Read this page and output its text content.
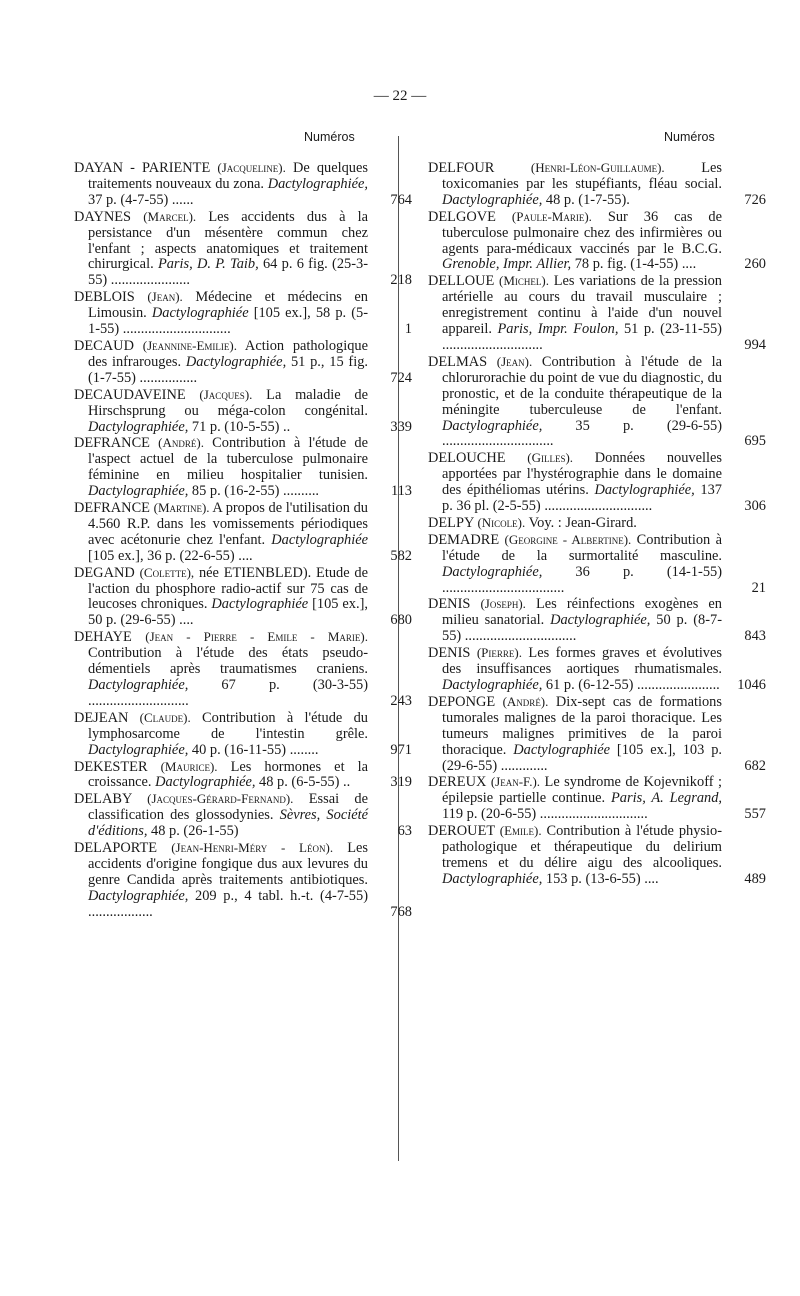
— 22 —
Numéros

DAYAN - PARIENTE (Jacqueline). De quelques traitements nouveaux du zona. Dactylographiée, 37 p. (4-7-55) ......	764

DAYNES (Marcel). Les accidents dus à la persistance d'un mésentère commun chez l'enfant ; aspects anatomiques et traitement chirurgical. Paris, D. P. Taib, 64 p. 6 fig. (25-3-55) ......................	218

DEBLOIS (Jean). Médecine et médecins en Limousin. Dactylographiée [105 ex.], 58 p. (5-1-55) ..............................	1

DECAUD (Jeannine-Emilie). Action pathologique des infrarouges. Dactylographiée, 51 p., 15 fig. (1-7-55) ................	724

DECAUDAVEINE (Jacques). La maladie de Hirschsprung ou méga-colon congénital. Dactylographiée, 71 p. (10-5-55) ..	339

DEFRANCE (André). Contribution à l'étude de l'aspect actuel de la tuberculose pulmonaire féminine en milieu hospitalier tunisien. Dactylographiée, 85 p. (16-2-55) ..........	113

DEFRANCE (Martine). A propos de l'utilisation du 4.560 R.P. dans les vomissements périodiques avec acétonurie chez l'enfant. Dactylographiée [105 ex.], 36 p. (22-6-55) ....	582

DEGAND (Colette), née ETIENBLED). Etude de l'action du phosphore radio-actif sur 75 cas de leucoses chroniques. Dactylographiée [105 ex.], 50 p. (29-6-55) ....	680

DEHAYE (Jean - Pierre - Emile - Marie). Contribution à l'étude des états pseudo-démentiels après traumatismes craniens. Dactylographiée, 67 p. (30-3-55) ............................	243

DEJEAN (Claude). Contribution à l'étude du lymphosarcome de l'intestin grêle. Dactylographiée, 40 p. (16-11-55) ........	971

DEKESTER (Maurice). Les hormones et la croissance. Dactylographiée, 48 p. (6-5-55) ..	319

DELABY (Jacques-Gérard-Fernand). Essai de classification des glossodynies. Sèvres, Société d'éditions, 48 p. (26-1-55)	63

DELAPORTE (Jean-Henri-Méry - Léon). Les accidents d'origine fongique dus aux levures du genre Candida après traitements antibiotiques. Dactylographiée, 209 p., 4 tabl. h.-t. (4-7-55) ..................	768
Numéros

DELFOUR	(Henri-Léon-Guillaume). Les toxicomanies par les stupéfiants, fléau social. Dactylographiée, 48 p. (1-7-55).	726

DELGOVE (Paule-Marie). Sur 36 cas de tuberculose pulmonaire chez des infirmières ou agents para-médicaux vaccinés par le B.C.G. Grenoble, Impr. Allier, 78 p. fig. (1-4-55) ....	260

DELLOUE (Michel). Les variations de la pression artérielle au cours du travail musculaire ; enregistrement continu à l'aide d'un nouvel appareil. Paris, Impr. Foulon, 51 p. (23-11-55) ............................	994

DELMAS (Jean). Contribution à l'étude de la chlorurorachie du point de vue du diagnostic, du pronostic, et de la conduite thérapeutique de la méningite tuberculeuse de l'enfant. Dactylographiée, 35 p. (29-6-55) ...............................	695

DELOUCHE (Gilles). Données nouvelles apportées par l'hystérographie dans le domaine des épithéliomas utérins. Dactylographiée, 137 p. 36 pl. (2-5-55) ..............................	306

DELPY (Nicole). Voy. : Jean-Girard.

DEMADRE (Georgine - Albertine). Contribution à l'étude de la surmortalité masculine. Dactylographiée, 36 p. (14-1-55) ..................................	21

DENIS (Joseph). Les réinfections exogènes en milieu sanatorial. Dactylographiée, 50 p. (8-7-55) ...............................	843

DENIS (Pierre). Les formes graves et évolutives des insuffisances aortiques rhumatismales. Dactylographiée, 61 p. (6-12-55) .......................	1046

DEPONGE (André). Dix-sept cas de formations tumorales malignes de la paroi thoracique. Les tumeurs malignes primitives de la paroi thoracique. Dactylographiée [105 ex.], 103 p. (29-6-55) .............	682

DEREUX (Jean-F.). Le syndrome de Kojevnikoff ; épilepsie partielle continue. Paris, A. Legrand, 119 p. (20-6-55) ..............................	557

DEROUET (Emile). Contribution à l'étude physio-pathologique et thérapeutique du delirium tremens et du délire aigu des alcooliques. Dactylographiée, 153 p. (13-6-55) ....	489
